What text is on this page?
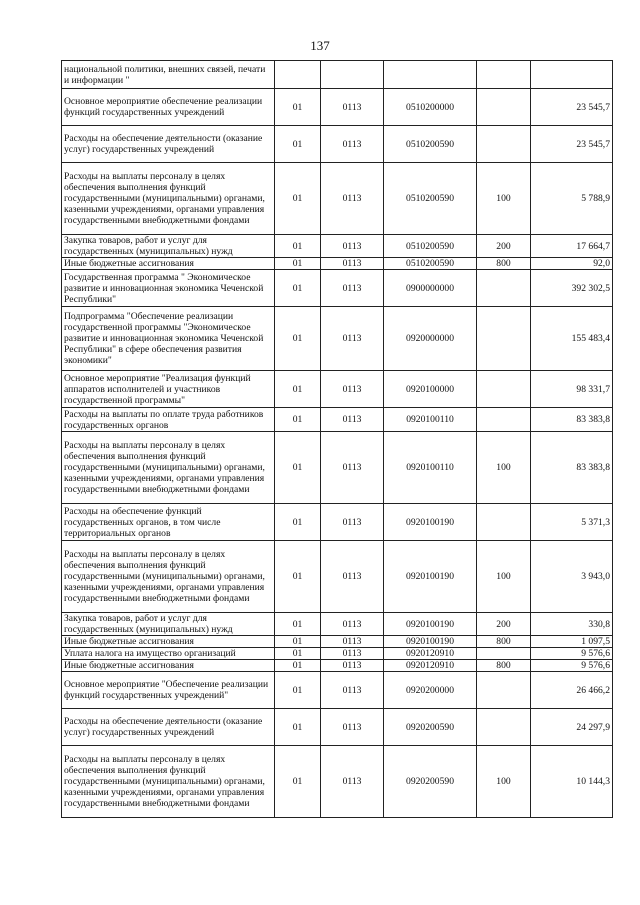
137
национальной политики, внешних связей, печати и информации "					
Основное мероприятие обеспечение реализации функций государственных учреждений	01	0113	0510200000		23 545,7
Расходы на обеспечение деятельности (оказание услуг) государственных учреждений	01	0113	0510200590		23 545,7
Расходы на выплаты персоналу в целях обеспечения выполнения функций государственными (муниципальными) органами, казенными учреждениями, органами управления государственными внебюджетными фондами	01	0113	0510200590	100	5 788,9
Закупка товаров, работ и услуг для государственных (муниципальных) нужд	01	0113	0510200590	200	17 664,7
Иные бюджетные ассигнования	01	0113	0510200590	800	92,0
Государственная программа " Экономическое развитие и инновационная экономика Чеченской Республики"	01	0113	0900000000		392 302,5
Подпрограмма "Обеспечение реализации государственной программы "Экономическое развитие и инновационная экономика Чеченской Республики" в сфере обеспечения развития экономики"	01	0113	0920000000		155 483,4
Основное мероприятие "Реализация функций аппаратов исполнителей и участников государственной программы"	01	0113	0920100000		98 331,7
Расходы на выплаты по оплате труда работников государственных органов	01	0113	0920100110		83 383,8
Расходы на выплаты персоналу в целях обеспечения выполнения функций государственными (муниципальными) органами, казенными учреждениями, органами управления государственными внебюджетными фондами	01	0113	0920100110	100	83 383,8
Расходы на обеспечение функций государственных органов, в том числе территориальных органов	01	0113	0920100190		5 371,3
Расходы на выплаты персоналу в целях обеспечения выполнения функций государственными (муниципальными) органами, казенными учреждениями, органами управления государственными внебюджетными фондами	01	0113	0920100190	100	3 943,0
Закупка товаров, работ и услуг для государственных (муниципальных) нужд	01	0113	0920100190	200	330,8
Иные бюджетные ассигнования	01	0113	0920100190	800	1 097,5
Уплата налога на имущество организаций	01	0113	0920120910		9 576,6
Иные бюджетные ассигнования	01	0113	0920120910	800	9 576,6
Основное мероприятие "Обеспечение реализации функций государственных учреждений"	01	0113	0920200000		26 466,2
Расходы на обеспечение деятельности (оказание услуг) государственных учреждений	01	0113	0920200590		24 297,9
Расходы на выплаты персоналу в целях обеспечения выполнения функций государственными (муниципальными) органами, казенными учреждениями, органами управления государственными внебюджетными фондами	01	0113	0920200590	100	10 144,3
